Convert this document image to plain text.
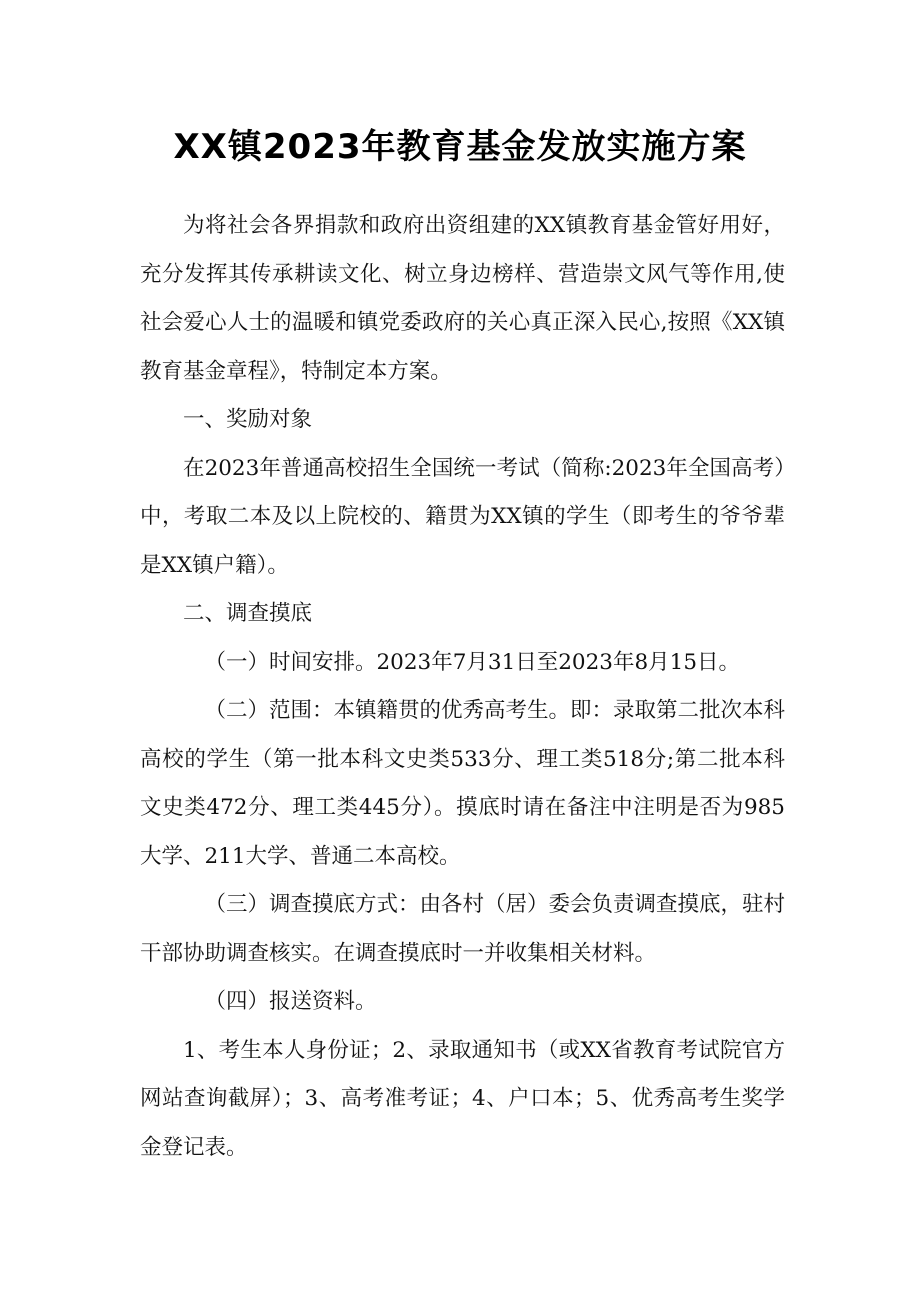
XX镇2023年教育基金发放实施方案

为将社会各界捐款和政府出资组建的XX镇教育基金管好用好，充分发挥其传承耕读文化、树立身边榜样、营造崇文风气等作用,使社会爱心人士的温暖和镇党委政府的关心真正深入民心,按照《XX镇教育基金章程》，特制定本方案。

一、奖励对象

在2023年普通高校招生全国统一考试（简称:2023年全国高考）中，考取二本及以上院校的、籍贯为XX镇的学生（即考生的爷爷辈是XX镇户籍）。

二、调查摸底

（一）时间安排。2023年7月31日至2023年8月15日。

（二）范围：本镇籍贯的优秀高考生。即：录取第二批次本科高校的学生（第一批本科文史类533分、理工类518分;第二批本科文史类472分、理工类445分）。摸底时请在备注中注明是否为985大学、211大学、普通二本高校。

（三）调查摸底方式：由各村（居）委会负责调查摸底，驻村干部协助调查核实。在调查摸底时一并收集相关材料。

（四）报送资料。

1、考生本人身份证；2、录取通知书（或XX省教育考试院官方网站查询截屏）；3、高考准考证；4、户口本；5、优秀高考生奖学金登记表。
